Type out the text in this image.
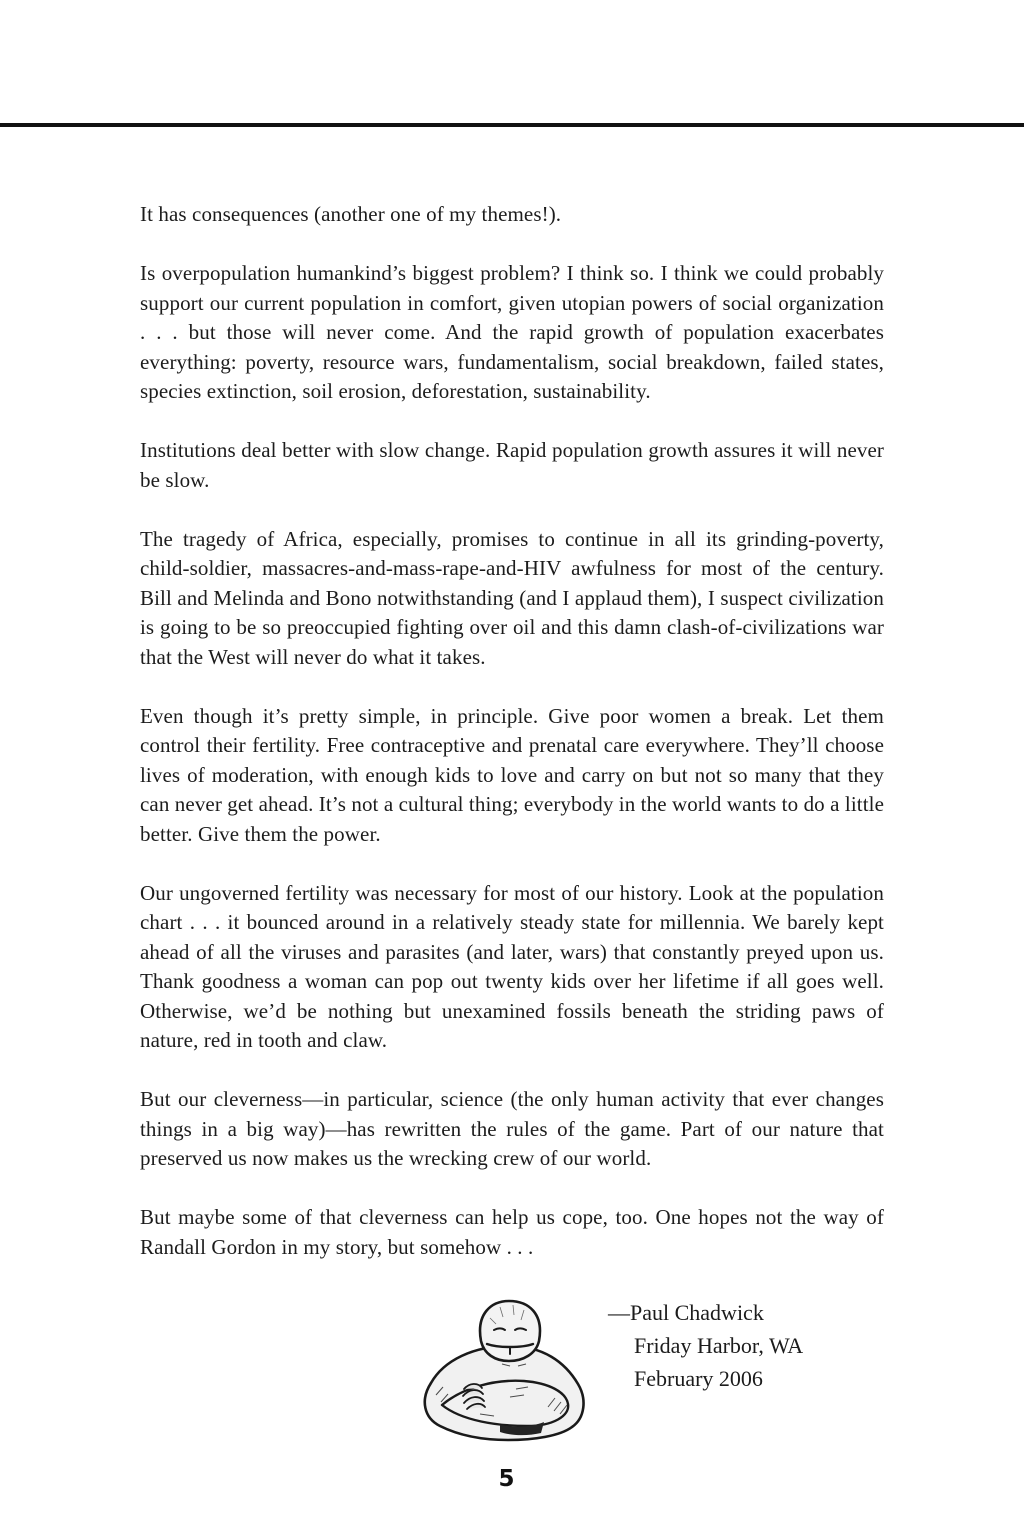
It has consequences (another one of my themes!).

Is overpopulation humankind’s biggest problem? I think so. I think we could probably support our current population in comfort, given utopian powers of social organization . . . but those will never come. And the rapid growth of population exacerbates everything: poverty, resource wars, fundamentalism, social breakdown, failed states, species extinction, soil erosion, deforestation, sustainability.

Institutions deal better with slow change. Rapid population growth assures it will never be slow.

The tragedy of Africa, especially, promises to continue in all its grinding-poverty, child-soldier, massacres-and-mass-rape-and-HIV awfulness for most of the century. Bill and Melinda and Bono notwithstanding (and I applaud them), I suspect civilization is going to be so preoccupied fighting over oil and this damn clash-of-civilizations war that the West will never do what it takes.

Even though it’s pretty simple, in principle. Give poor women a break. Let them control their fertility. Free contraceptive and prenatal care everywhere. They’ll choose lives of moderation, with enough kids to love and carry on but not so many that they can never get ahead. It’s not a cultural thing; everybody in the world wants to do a little better. Give them the power.

Our ungoverned fertility was necessary for most of our history. Look at the population chart . . . it bounced around in a relatively steady state for millennia. We barely kept ahead of all the viruses and parasites (and later, wars) that constantly preyed upon us. Thank goodness a woman can pop out twenty kids over her lifetime if all goes well. Otherwise, we’d be nothing but unexamined fossils beneath the striding paws of nature, red in tooth and claw.

But our cleverness—in particular, science (the only human activity that ever changes things in a big way)—has rewritten the rules of the game. Part of our nature that preserved us now makes us the wrecking crew of our world.

But maybe some of that cleverness can help us cope, too. One hopes not the way of Randall Gordon in my story, but somehow . . .

—Paul Chadwick
Friday Harbor, WA
February 2006
5
